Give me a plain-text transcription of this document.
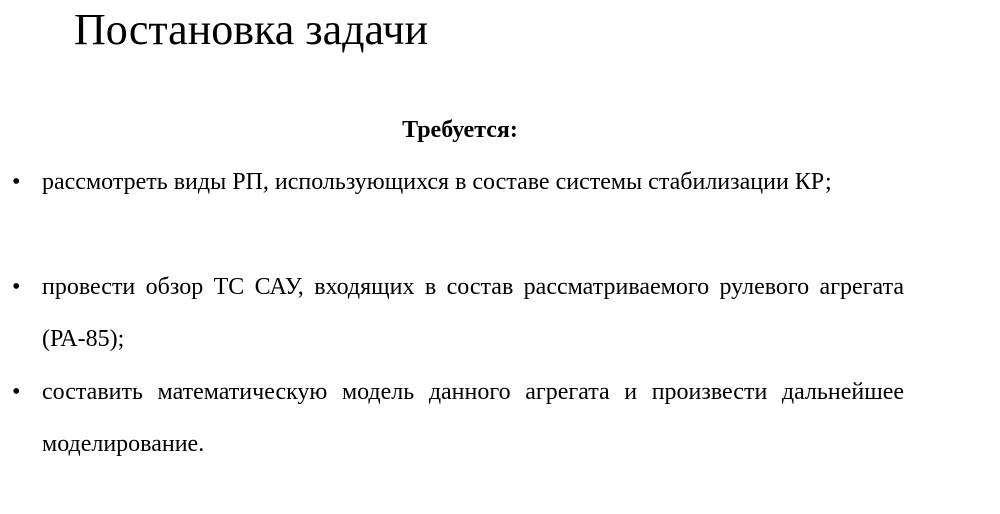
Постановка задачи
Требуется:
• рассмотреть виды РП, использующихся в составе системы стабилизации КР;

• провести обзор ТС САУ, входящих в состав рассматриваемого рулевого агрегата (РА-85);

• составить математическую модель данного агрегата и произвести дальнейшее моделирование.
